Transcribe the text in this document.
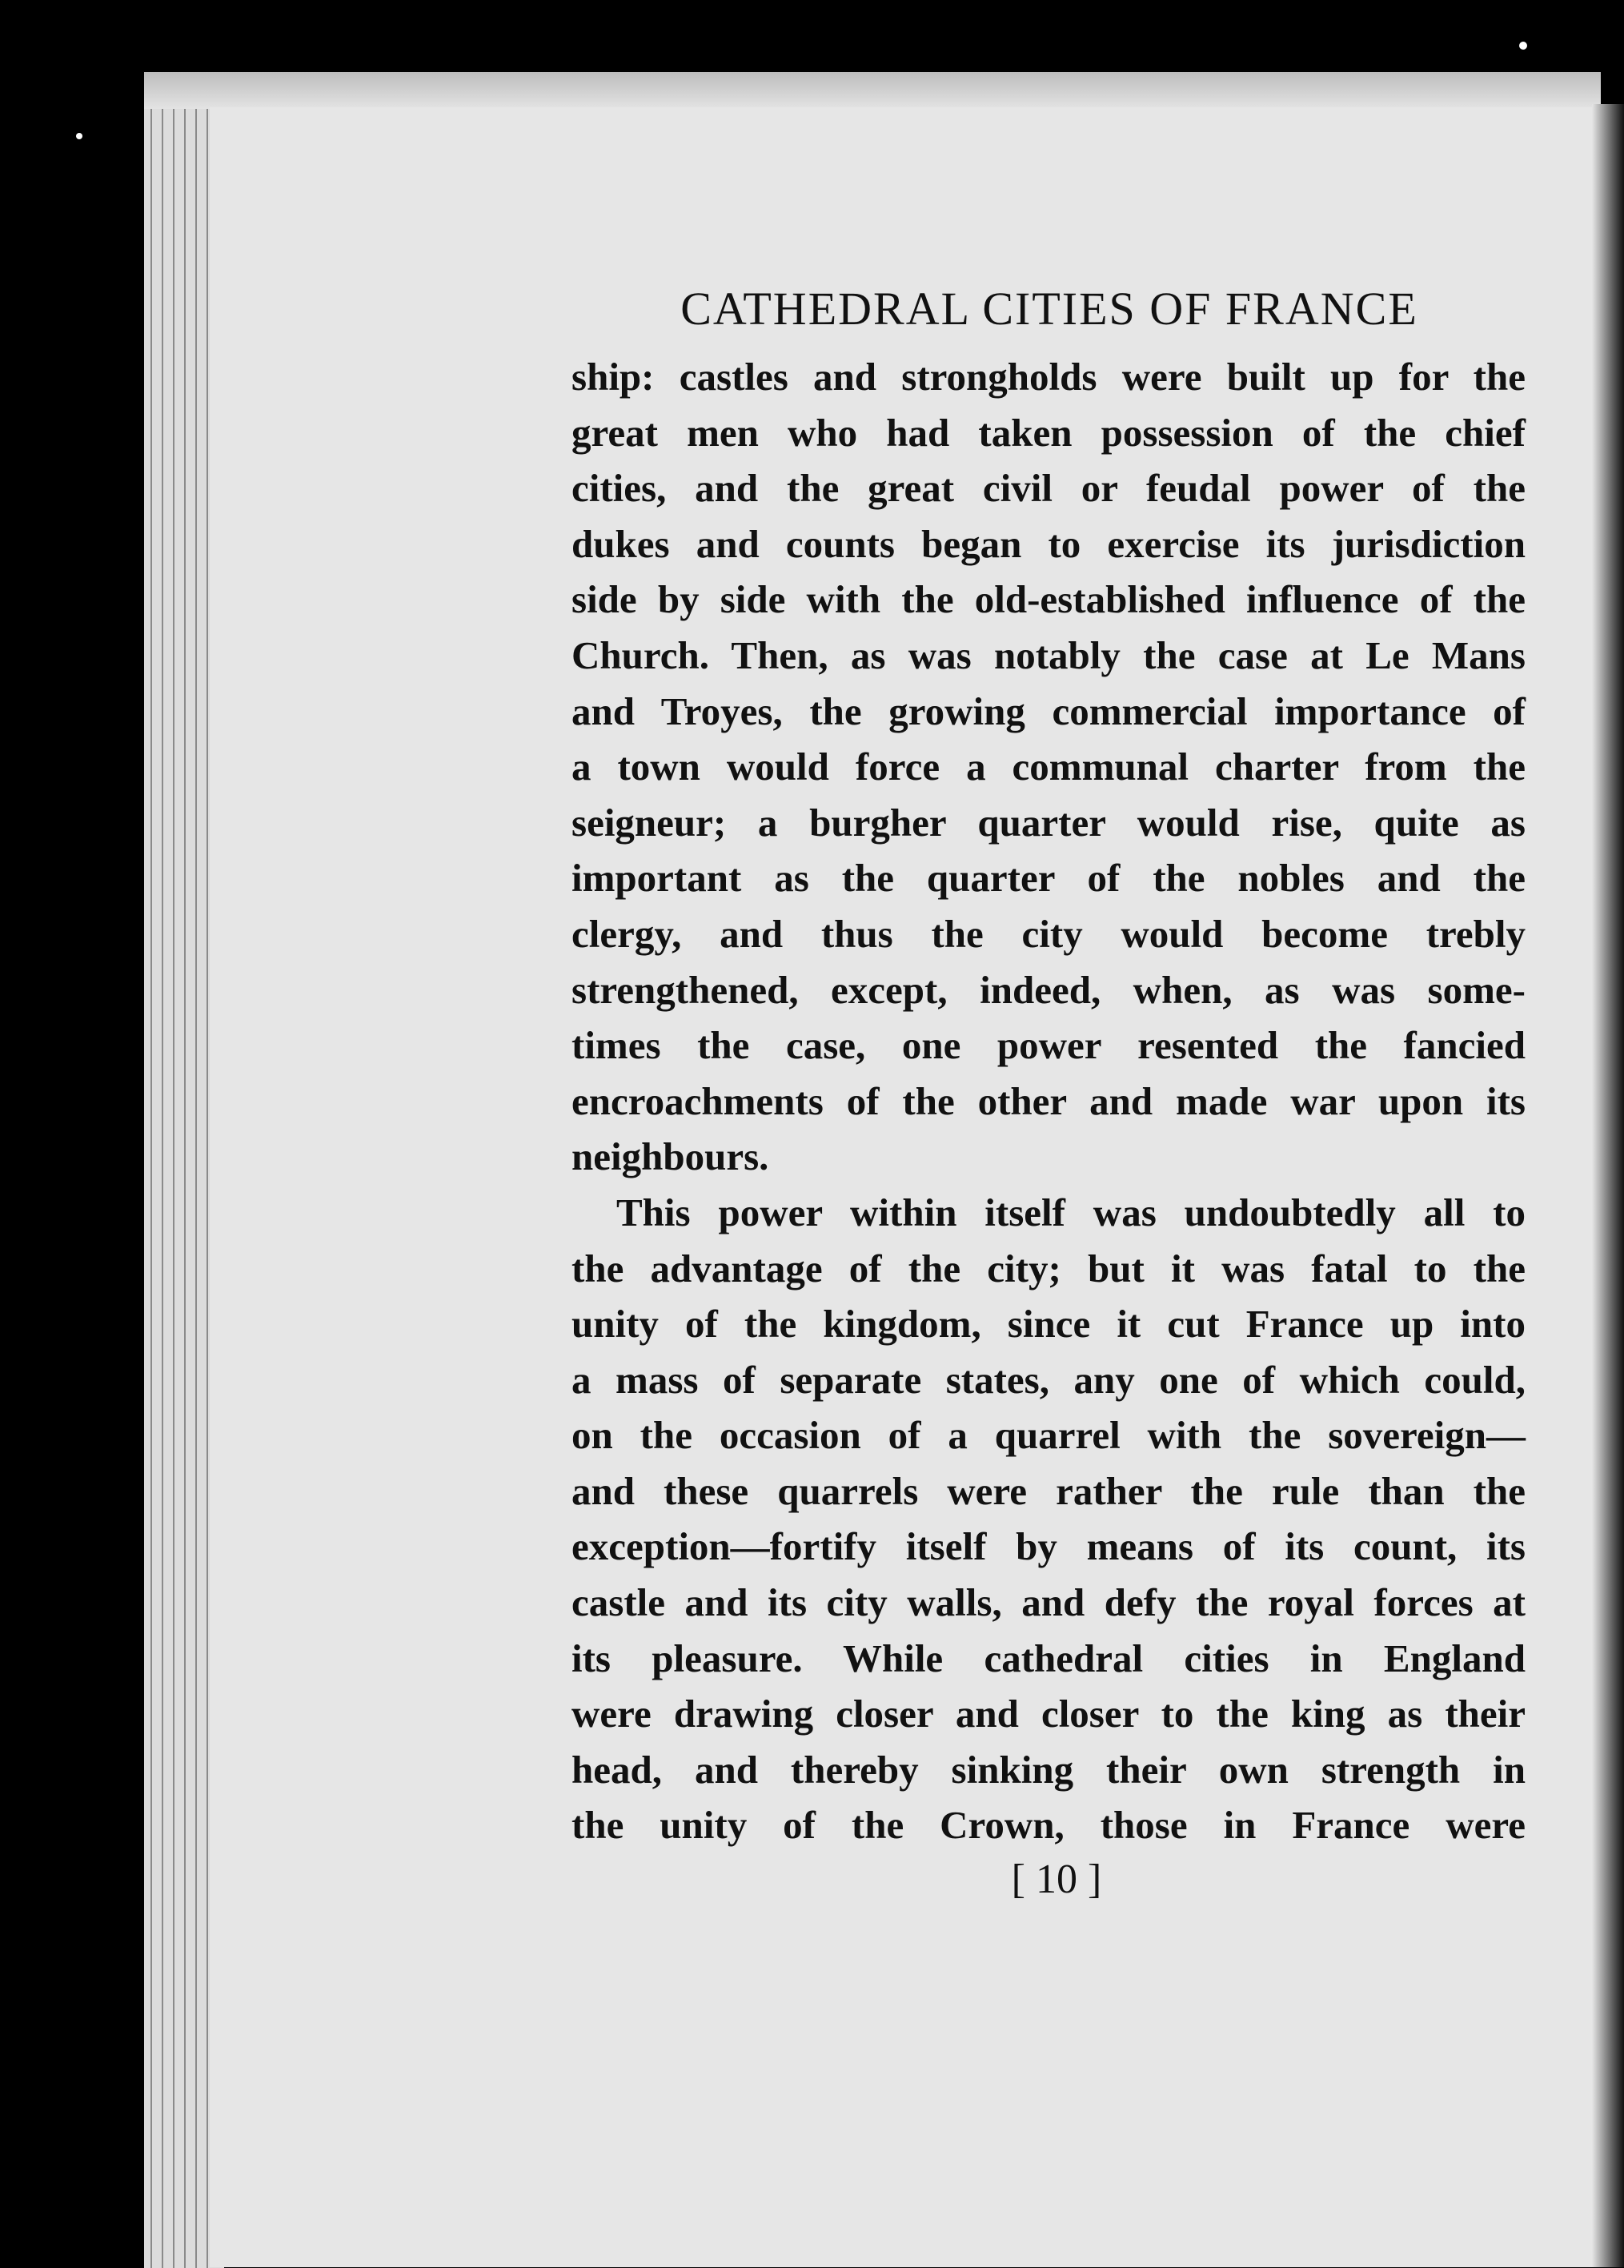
CATHEDRAL CITIES OF FRANCE
ship: castles and strongholds were built up for the
great men who had taken possession of the chief
cities, and the great civil or feudal power of the
dukes and counts began to exercise its jurisdiction
side by side with the old-established influence of the
Church. Then, as was notably the case at Le Mans
and Troyes, the growing commercial importance of
a town would force a communal charter from the
seigneur; a burgher quarter would rise, quite as
important as the quarter of the nobles and the
clergy, and thus the city would become trebly
strengthened, except, indeed, when, as was some-
times the case, one power resented the fancied
encroachments of the other and made war upon its
neighbours.
This power within itself was undoubtedly all to
the advantage of the city; but it was fatal to the
unity of the kingdom, since it cut France up into
a mass of separate states, any one of which could,
on the occasion of a quarrel with the sovereign—
and these quarrels were rather the rule than the
exception—fortify itself by means of its count, its
castle and its city walls, and defy the royal forces at
its pleasure. While cathedral cities in England
were drawing closer and closer to the king as their
head, and thereby sinking their own strength in
the unity of the Crown, those in France were
[ 10 ]
